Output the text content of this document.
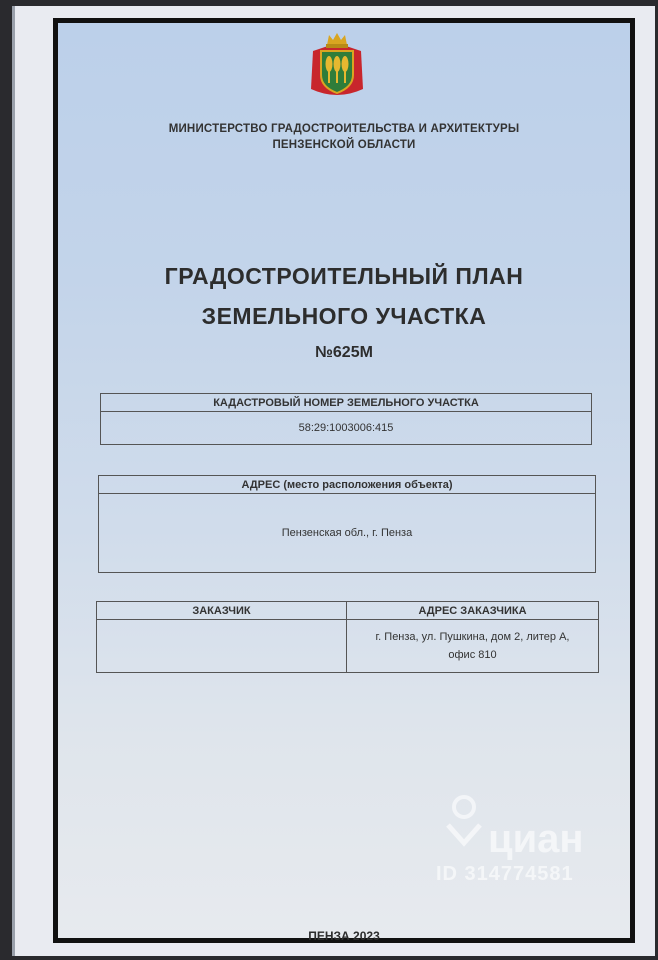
МИНИСТЕРСТВО ГРАДОСТРОИТЕЛЬСТВА И АРХИТЕКТУРЫ
ПЕНЗЕНСКОЙ ОБЛАСТИ
ГРАДОСТРОИТЕЛЬНЫЙ ПЛАН
ЗЕМЕЛЬНОГО УЧАСТКА
№625М
КАДАСТРОВЫЙ НОМЕР ЗЕМЕЛЬНОГО УЧАСТКА
58:29:1003006:415
АДРЕС (место расположения объекта)
Пензенская обл., г. Пенза
ЗАКАЗЧИК	АДРЕС ЗАКАЗЧИКА

	г. Пенза, ул. Пушкина, дом 2, литер А,
офис 810
ПЕНЗА 2023
циан
ID 314774581
